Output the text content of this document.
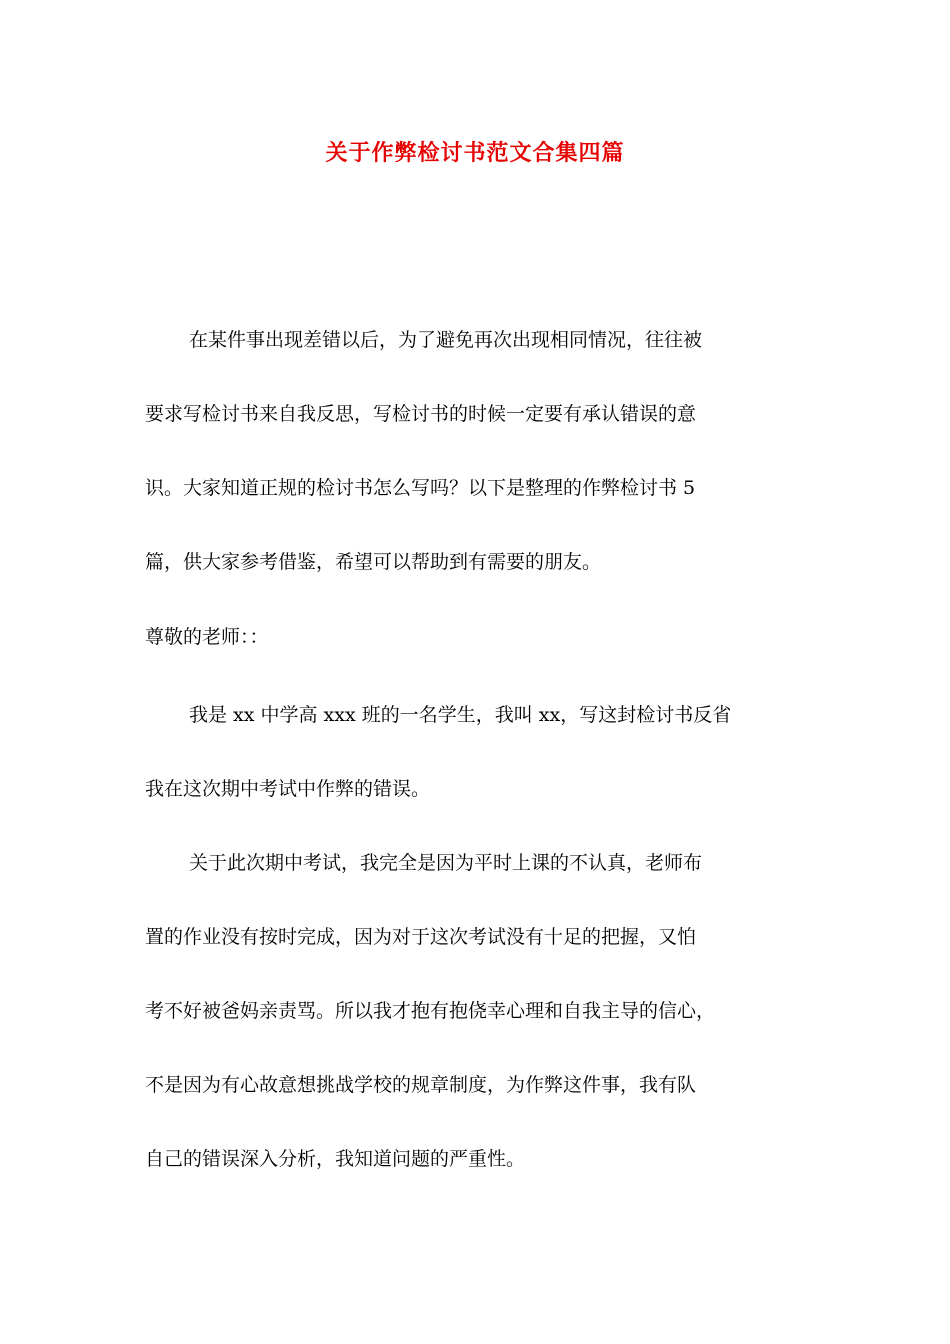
关于作弊检讨书范文合集四篇
在某件事出现差错以后，为了避免再次出现相同情况，往往被
要求写检讨书来自我反思，写检讨书的时候一定要有承认错误的意
识。大家知道正规的检讨书怎么写吗？以下是整理的作弊检讨书 5
篇，供大家参考借鉴，希望可以帮助到有需要的朋友。
尊敬的老师：：
我是 xx 中学高 xxx 班的一名学生，我叫 xx，写这封检讨书反省
我在这次期中考试中作弊的错误。
关于此次期中考试，我完全是因为平时上课的不认真，老师布
置的作业没有按时完成，因为对于这次考试没有十足的把握，又怕
考不好被爸妈亲责骂。所以我才抱有抱侥幸心理和自我主导的信心，
不是因为有心故意想挑战学校的规章制度，为作弊这件事，我有队
自己的错误深入分析，我知道问题的严重性。
